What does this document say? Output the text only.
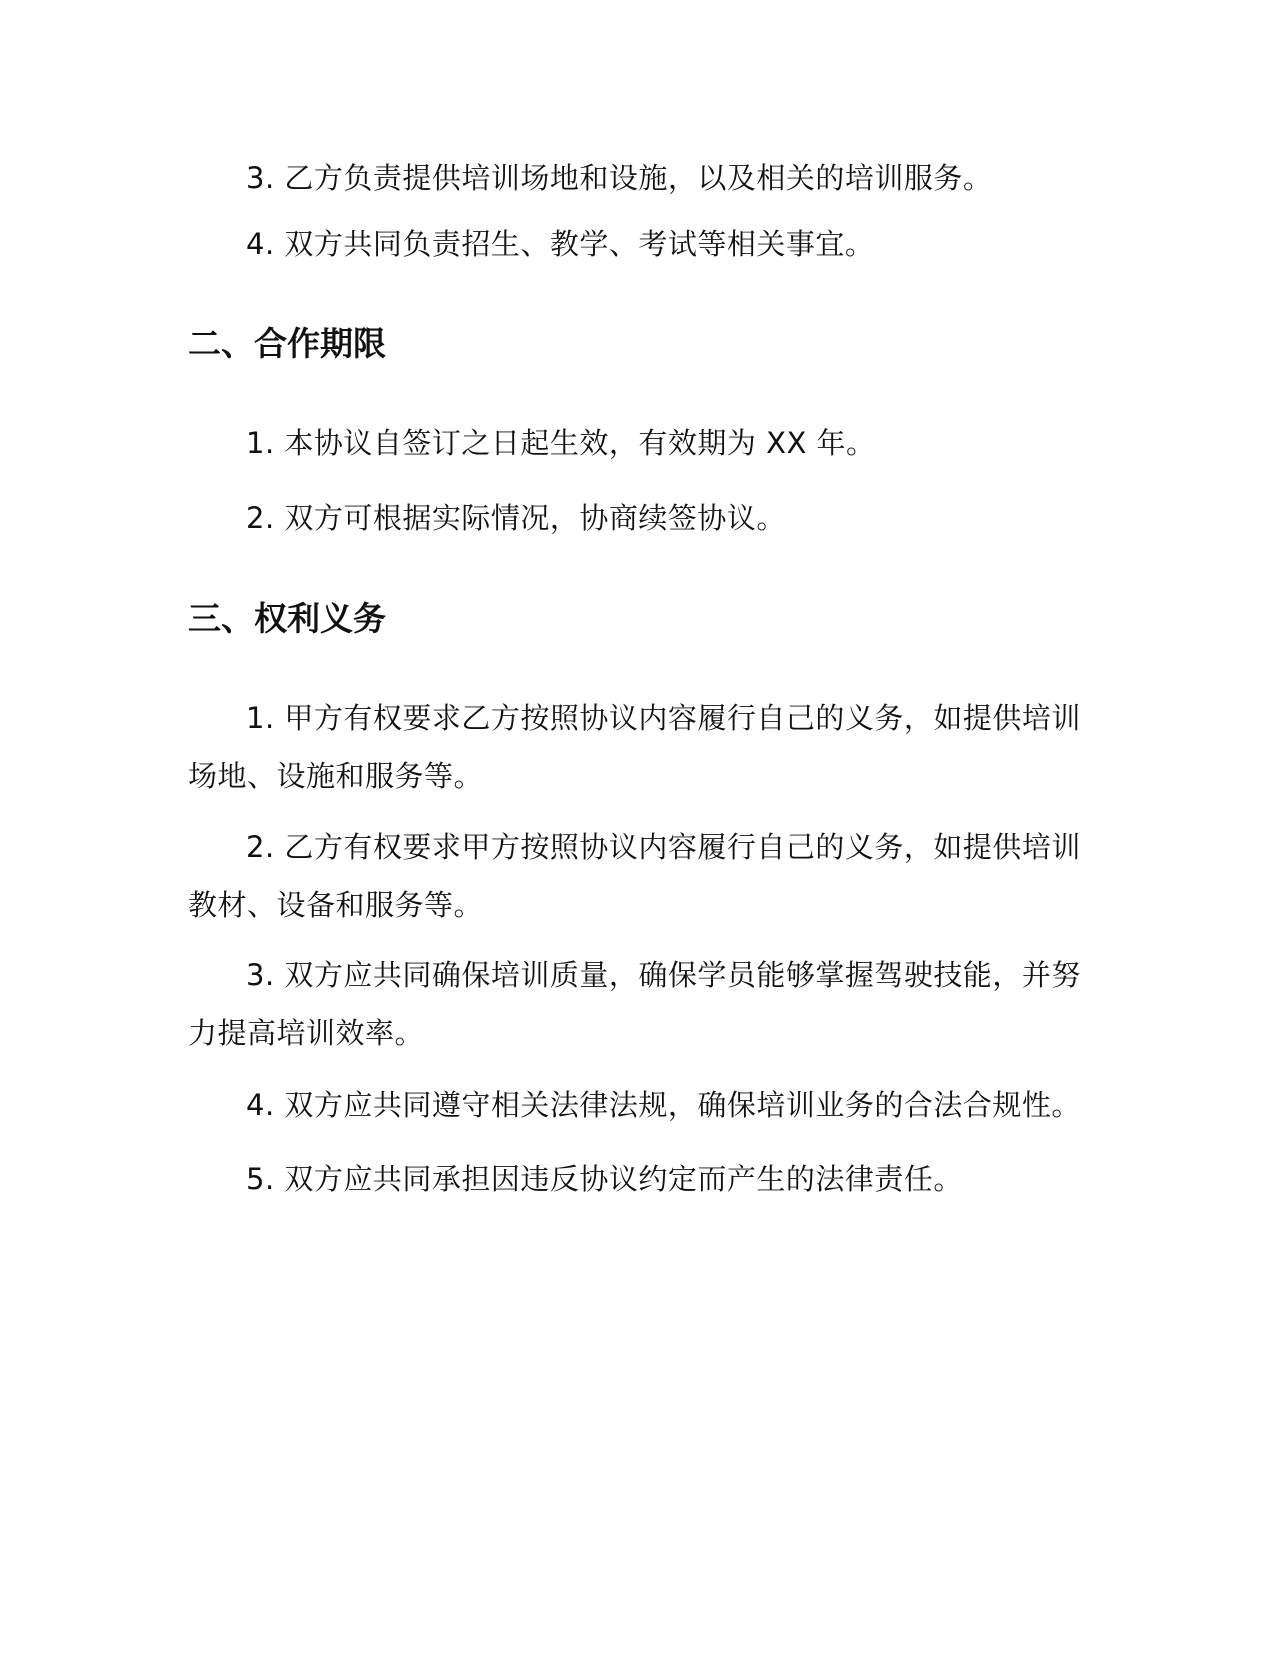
3. 乙方负责提供培训场地和设施，以及相关的培训服务。

4. 双方共同负责招生、教学、考试等相关事宜。

二、合作期限

1. 本协议自签订之日起生效，有效期为 XX 年。

2. 双方可根据实际情况，协商续签协议。

三、权利义务

1. 甲方有权要求乙方按照协议内容履行自己的义务，如提供培训场地、设施和服务等。

2. 乙方有权要求甲方按照协议内容履行自己的义务，如提供培训教材、设备和服务等。

3. 双方应共同确保培训质量，确保学员能够掌握驾驶技能，并努力提高培训效率。

4. 双方应共同遵守相关法律法规，确保培训业务的合法合规性。

5. 双方应共同承担因违反协议约定而产生的法律责任。
